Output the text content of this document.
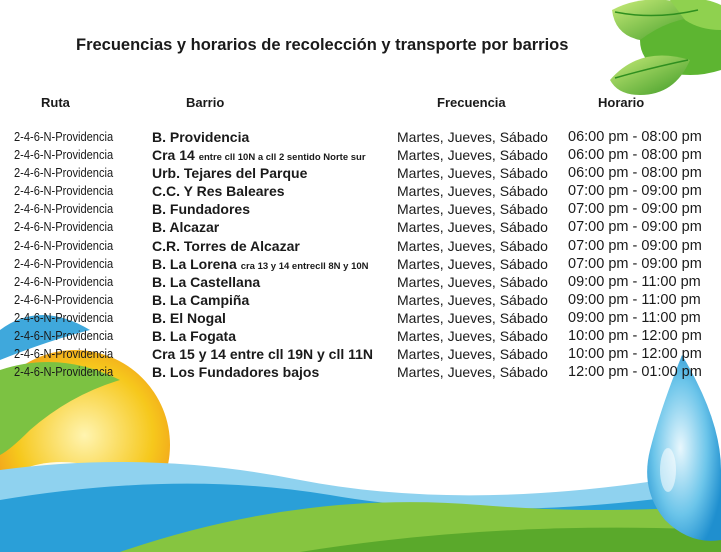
Frecuencias y horarios de recolección y transporte por barrios
Ruta	Barrio	Frecuencia	Horario
2-4-6-N-Providencia	B. Providencia	Martes, Jueves, Sábado 06:00 pm - 08:00 pm
2-4-6-N-Providencia	Cra 14 entre cll 10N a cll 2 sentido Norte sur Martes, Jueves, Sábado 06:00 pm - 08:00 pm
2-4-6-N-Providencia	Urb. Tejares del Parque	Martes, Jueves, Sábado 06:00 pm - 08:00 pm
2-4-6-N-Providencia	C.C. Y Res Baleares	Martes, Jueves, Sábado 07:00 pm - 09:00 pm
2-4-6-N-Providencia	B. Fundadores	Martes, Jueves, Sábado 07:00 pm - 09:00 pm
2-4-6-N-Providencia	B. Alcazar	Martes, Jueves, Sábado 07:00 pm - 09:00 pm
2-4-6-N-Providencia	C.R. Torres de Alcazar	Martes, Jueves, Sábado 07:00 pm - 09:00 pm
2-4-6-N-Providencia	B. La Lorena cra 13 y 14 entrecll 8N y 10N Martes, Jueves, Sábado 07:00 pm - 09:00 pm
2-4-6-N-Providencia	B. La Castellana	Martes, Jueves, Sábado 09:00 pm - 11:00 pm
2-4-6-N-Providencia	B. La Campiña	Martes, Jueves, Sábado 09:00 pm - 11:00 pm
2-4-6-N-Providencia	B. El Nogal	Martes, Jueves, Sábado 09:00 pm - 11:00 pm
2-4-6-N-Providencia	B. La Fogata	Martes, Jueves, Sábado 10:00 pm - 12:00 pm
2-4-6-N-Providencia	Cra 15 y 14 entre cll 19N y cll 11N Martes, Jueves, Sábado 10:00 pm - 12:00 pm
2-4-6-N-Providencia	B. Los Fundadores bajos	Martes, Jueves, Sábado 12:00 pm - 01:00 pm
